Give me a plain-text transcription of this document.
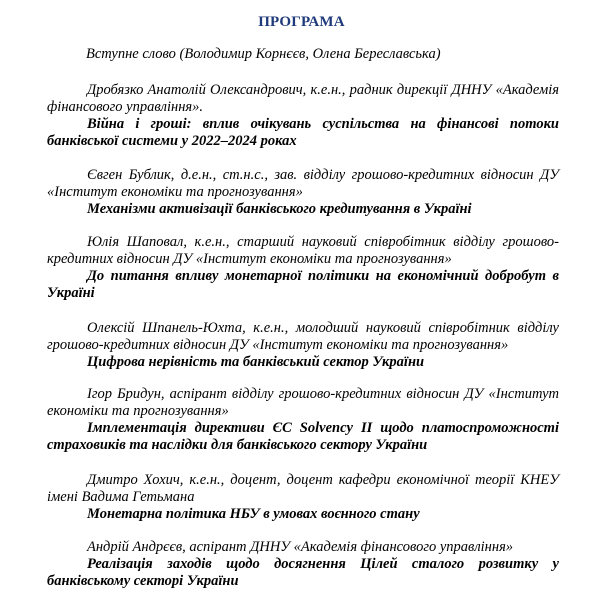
ПРОГРАМА
Вступне слово (Володимир Корнєєв, Олена Береславська)
Дробязко Анатолій Олександрович, к.е.н., радник дирекції ДННУ «Академія фінансового управління».
Війна і гроші: вплив очікувань суспільства на фінансові потоки банківської системи у 2022–2024 роках
Євген Бублик, д.е.н., ст.н.с., зав. відділу грошово-кредитних відносин ДУ «Інститут економіки та прогнозування»
Механізми активізації банківського кредитування в Україні
Юлія Шаповал, к.е.н., старший науковий співробітник відділу грошово-кредитних відносин ДУ «Інститут економіки та прогнозування»
До питання впливу монетарної політики на економічний добробут в Україні
Олексій Шпанель-Юхта, к.е.н., молодший науковий співробітник відділу грошово-кредитних відносин ДУ «Інститут економіки та прогнозування»
Цифрова нерівність та банківський сектор України
Ігор Бридун, аспірант відділу грошово-кредитних відносин ДУ «Інститут економіки та прогнозування»
Імплементація директиви ЄС Solvency II щодо платоспроможності страховиків та наслідки для банківського сектору України
Дмитро Хохич, к.е.н., доцент, доцент кафедри економічної теорії КНЕУ імені Вадима Гетьмана
Монетарна політика НБУ в умовах воєнного стану
Андрій Андрєєв, аспірант ДННУ «Академія фінансового управління»
Реалізація заходів щодо досягнення Цілей сталого розвитку у банківському секторі України
